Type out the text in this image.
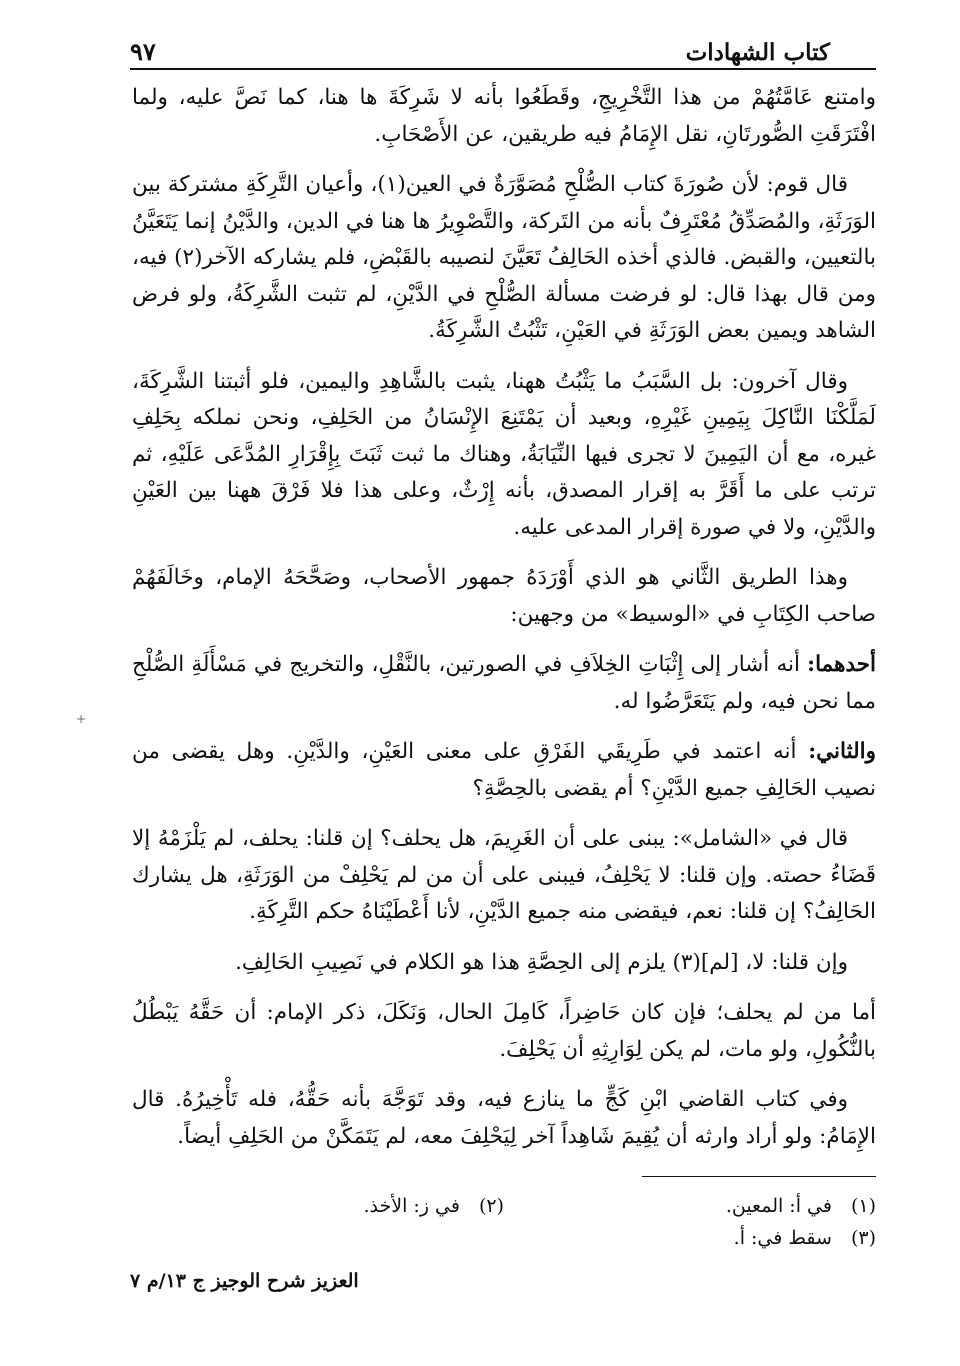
٩٧	كتاب الشهادات

وامتنع عَامَّتُهُمْ من هذا التَّخْرِيجِ، وقَطَعُوا بأنه لا شَرِكَةَ ها هنا، كما نَصَّ عليه، ولما افْتَرَقَتِ الصُّورتَانِ، نقل الإِمَامُ فيه طريقين، عن الأَصْحَابِ.

قال قوم: لأن صُورَةَ كتاب الصُّلْحِ مُصَوَّرَةٌ في العين(١)، وأعيان التَّرِكَةِ مشتركة بين الوَرَثَةِ، والمُصَدِّقُ مُعْتَرِفٌ بأنه من التَركة، والتَّصْوِيرُ ها هنا في الدين، والدَّيْنُ إنما يَتَعَيَّنُ بالتعيين، والقبض. فالذي أخذه الحَالِفُ تَعَيَّنَ لنصيبه بالقَبْضِ، فلم يشاركه الآخر(٢) فيه، ومن قال بهذا قال: لو فرضت مسألة الصُّلْحِ في الدَّيْنِ، لم تثبت الشَّرِكَةُ، ولو فرض الشاهد ويمين بعض الوَرَثَةِ في العَيْنِ، تَثْبُتُ الشَّرِكَةُ.

وقال آخرون: بل السَّبَبُ ما يَثْبُتُ ههنا، يثبت بالشَّاهِدِ واليمين، فلو أثبتنا الشَّرِكَةَ، لَمَلَّكْنَا النَّاكِلَ بِيَمِينِ غَيْرِهِ، وبعيد أن يَمْتَنِعَ الإِنْسَانُ من الحَلِفِ، ونحن نملكه بِحَلِفِ غيره، مع أن اليَمِينَ لا تجرى فيها النِّيَابَةُ، وهناك ما ثبت ثَبَتَ بِإِقْرَارِ المُدَّعَى عَلَيْهِ، ثم ترتب على ما أَقَرَّ به إقرار المصدق، بأنه إِرْثٌ، وعلى هذا فلا فَرْقَ ههنا بين العَيْنِ والدَّيْنِ، ولا في صورة إقرار المدعى عليه.

وهذا الطريق الثَّاني هو الذي أَوْرَدَهُ جمهور الأصحاب، وصَحَّحَهُ الإمام، وخَالَفَهُمْ صاحب الكِتَابِ في «الوسيط» من وجهين:

أحدهما: أنه أشار إلى إِثْبَاتِ الخِلاَفِ في الصورتين، بالنَّقْلِ، والتخريج في مَسْأَلَةِ الصُّلْحِ مما نحن فيه، ولم يَتَعَرَّضُوا له.

والثاني: أنه اعتمد في طَرِيقَي الفَرْقِ على معنى العَيْنِ، والدَّيْنِ. وهل يقضى من نصيب الحَالِفِ جميع الدَّيْنِ؟ أم يقضى بالحِصَّةِ؟

قال في «الشامل»: يبنى على أن الغَرِيمَ، هل يحلف؟ إن قلنا: يحلف، لم يَلْزَمْهُ إلا قَضَاءُ حصته. وإن قلنا: لا يَحْلِفُ، فيبنى على أن من لم يَحْلِفْ من الوَرَثَةِ، هل يشارك الحَالِفُ؟ إن قلنا: نعم، فيقضى منه جميع الدَّيْنِ، لأنا أَعْطَيْنَاهُ حكم التَّرِكَةِ.

وإن قلنا: لا، [لم](٣) يلزم إلى الحِصَّةِ هذا هو الكلام في نَصِيبِ الحَالِفِ.

أما من لم يحلف؛ فإن كان حَاضِراً، كَامِلَ الحال، وَنَكَلَ، ذكر الإمام: أن حَقَّهُ يَبْطُلُ بالنُّكُولِ، ولو مات، لم يكن لِوَارِثِهِ أن يَحْلِفَ.

وفي كتاب القاضي ابْنِ كَجٍّ ما ينازع فيه، وقد تَوَجَّهَ بأنه حَقُّهُ، فله تَأْخِيرُهُ. قال الإِمَامُ: ولو أراد وارثه أن يُقِيمَ شَاهِداً آخر لِيَحْلِفَ معه، لم يَتَمَكَّنْ من الحَلِفِ أيضاً.

(١) في أ: المعين.
(٢) في ز: الأخذ.
(٣) سقط في: أ.
العزيز شرح الوجيز ج ١٣/م ٧
+
